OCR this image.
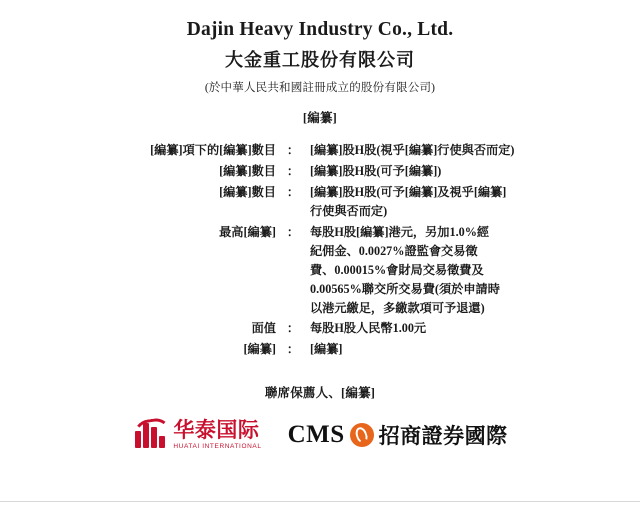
Dajin Heavy Industry Co., Ltd.
大金重工股份有限公司
(於中華人民共和國註冊成立的股份有限公司)
[編纂]
[編纂]項下的[編纂]數目	：	[編纂]股H股(視乎[編纂]行使與否而定)

[編纂]數目	：	[編纂]股H股(可予[編纂])

[編纂]數目	：	[編纂]股H股(可予[編纂]及視乎[編纂]
行使與否而定)

最高[編纂]	：	每股H股[編纂]港元，另加1.0%經
紀佣金、0.0027%證監會交易徵
費、0.00015%會財局交易徵費及
0.00565%聯交所交易費(須於申請時
以港元繳足，多繳款項可予退還)

面值	：	每股H股人民幣1.00元

[編纂]	：	[編纂]
聯席保薦人、[編纂]
华泰国际
HUATAI INTERNATIONAL CMS 招商證券國際
